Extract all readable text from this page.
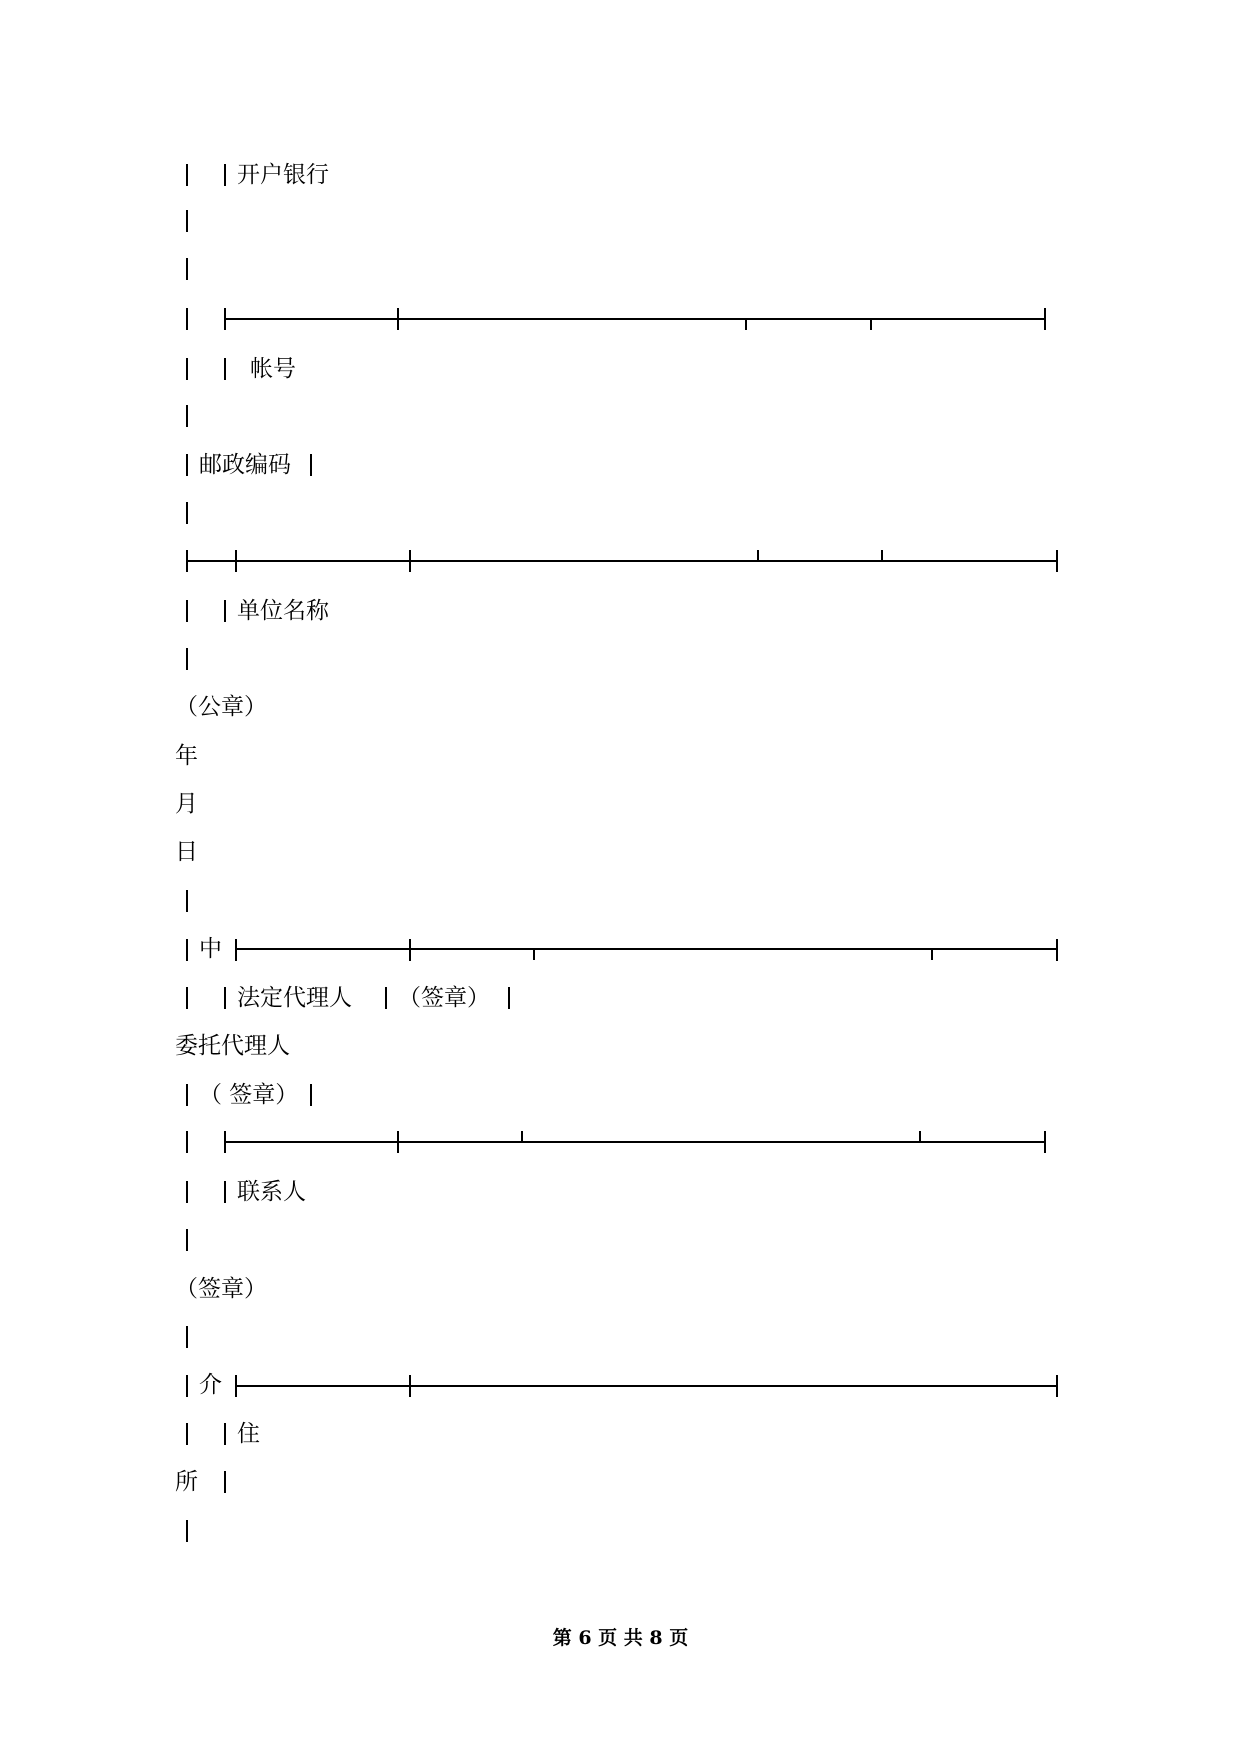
开户银行
帐号
邮政编码
单位名称
（公章）
年
月
日
中
法定代理人 （签章）
委托代理人
（ 签章）
联系人
（签章）
介
住
所
第 6 页 共 8 页
